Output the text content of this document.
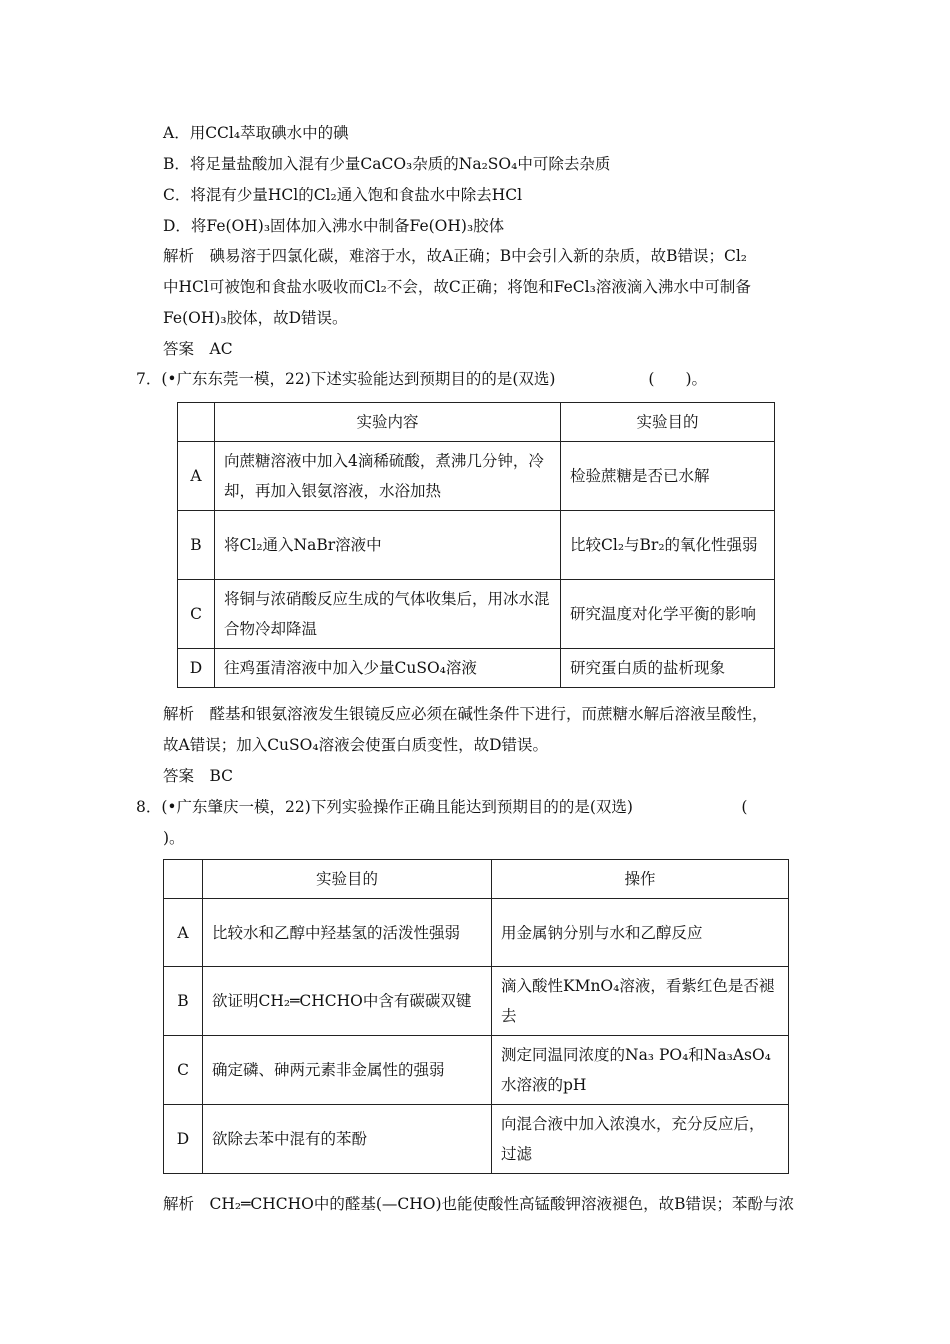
A．用CCl₄萃取碘水中的碘
B．将足量盐酸加入混有少量CaCO₃杂质的Na₂SO₄中可除去杂质
C．将混有少量HCl的Cl₂通入饱和食盐水中除去HCl
D．将Fe(OH)₃固体加入沸水中制备Fe(OH)₃胶体
解析　碘易溶于四氯化碳，难溶于水，故A正确；B中会引入新的杂质，故B错误；Cl₂
中HCl可被饱和食盐水吸收而Cl₂不会，故C正确；将饱和FeCl₃溶液滴入沸水中可制备
Fe(OH)₃胶体，故D错误。
答案　AC
7．(•广东东莞一模，22)下述实验能达到预期目的的是(双选)　　　　　　(　　)。
	实验内容	实验目的
A	向蔗糖溶液中加入4滴稀硫酸，煮沸几分钟，冷却，再加入银氨溶液，水浴加热	检验蔗糖是否已水解
B	将Cl₂通入NaBr溶液中	比较Cl₂与Br₂的氧化性强弱
C	将铜与浓硝酸反应生成的气体收集后，用冰水混合物冷却降温	研究温度对化学平衡的影响
D	往鸡蛋清溶液中加入少量CuSO₄溶液	研究蛋白质的盐析现象
解析　醛基和银氨溶液发生银镜反应必须在碱性条件下进行，而蔗糖水解后溶液呈酸性，
故A错误；加入CuSO₄溶液会使蛋白质变性，故D错误。
答案　BC
8．(•广东肇庆一模，22)下列实验操作正确且能达到预期目的的是(双选)　　　　　　　(
)。
	实验目的	操作
A	比较水和乙醇中羟基氢的活泼性强弱	用金属钠分别与水和乙醇反应
B	欲证明CH₂═CHCHO中含有碳碳双键	滴入酸性KMnO₄溶液，看紫红色是否褪去
C	确定磷、砷两元素非金属性的强弱	测定同温同浓度的Na₃ PO₄和Na₃AsO₄水溶液的pH
D	欲除去苯中混有的苯酚	向混合液中加入浓溴水，充分反应后，过滤
解析　CH₂═CHCHO中的醛基(—CHO)也能使酸性高锰酸钾溶液褪色，故B错误；苯酚与浓
